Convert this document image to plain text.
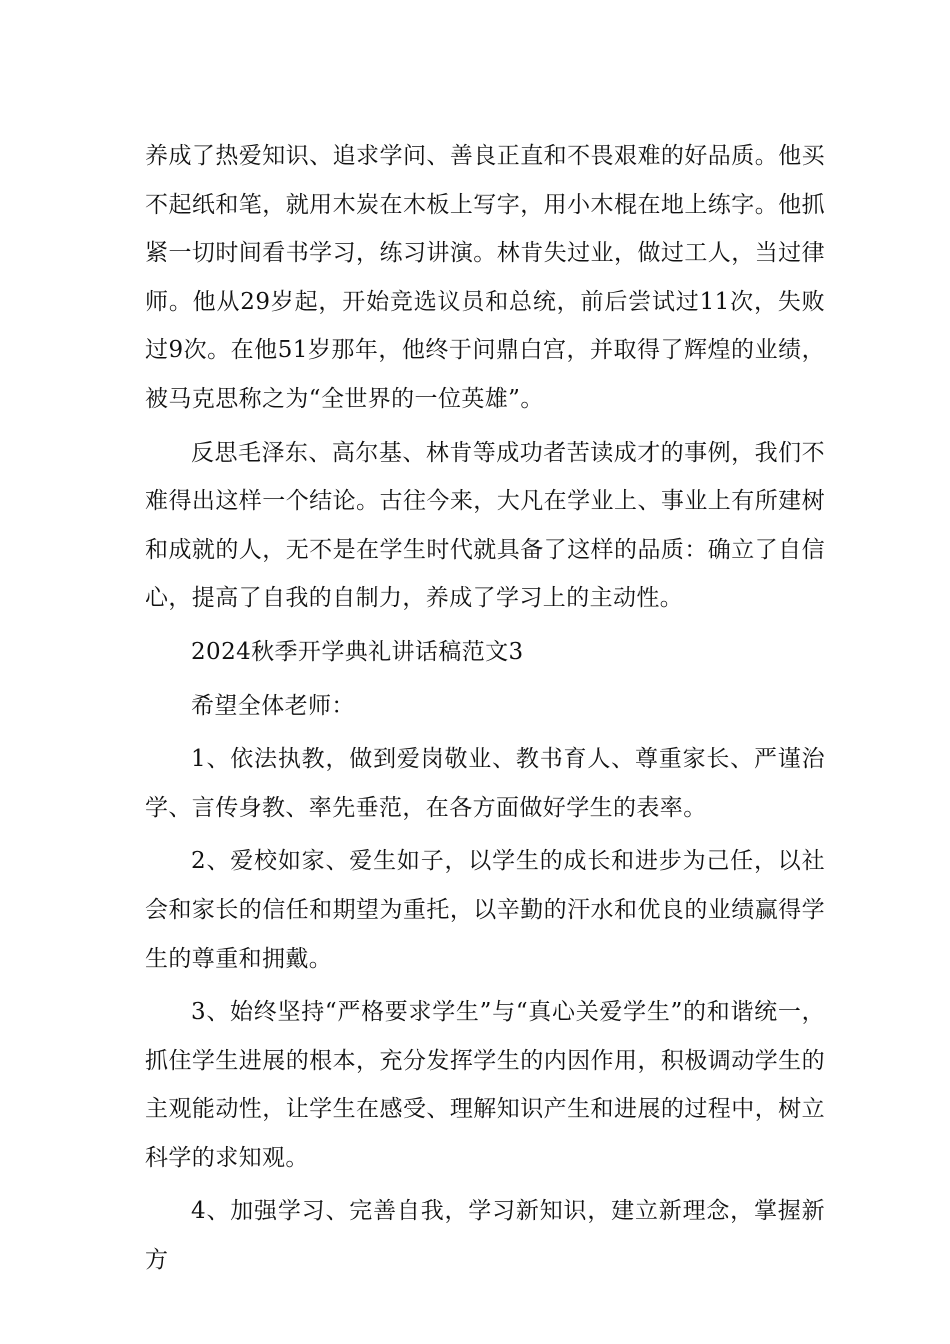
养成了热爱知识、追求学问、善良正直和不畏艰难的好品质。他买不起纸和笔，就用木炭在木板上写字，用小木棍在地上练字。他抓紧一切时间看书学习，练习讲演。林肯失过业，做过工人，当过律师。他从29岁起，开始竞选议员和总统，前后尝试过11次，失败过9次。在他51岁那年，他终于问鼎白宫，并取得了辉煌的业绩，被马克思称之为“全世界的一位英雄”。

反思毛泽东、高尔基、林肯等成功者苦读成才的事例，我们不难得出这样一个结论。古往今来，大凡在学业上、事业上有所建树和成就的人，无不是在学生时代就具备了这样的品质：确立了自信心，提高了自我的自制力，养成了学习上的主动性。

2024秋季开学典礼讲话稿范文3

希望全体老师：

1、依法执教，做到爱岗敬业、教书育人、尊重家长、严谨治学、言传身教、率先垂范，在各方面做好学生的表率。

2、爱校如家、爱生如子，以学生的成长和进步为己任，以社会和家长的信任和期望为重托，以辛勤的汗水和优良的业绩赢得学生的尊重和拥戴。

3、始终坚持“严格要求学生”与“真心关爱学生”的和谐统一，抓住学生进展的根本，充分发挥学生的内因作用，积极调动学生的主观能动性，让学生在感受、理解知识产生和进展的过程中，树立科学的求知观。

4、加强学习、完善自我，学习新知识，建立新理念，掌握新方
